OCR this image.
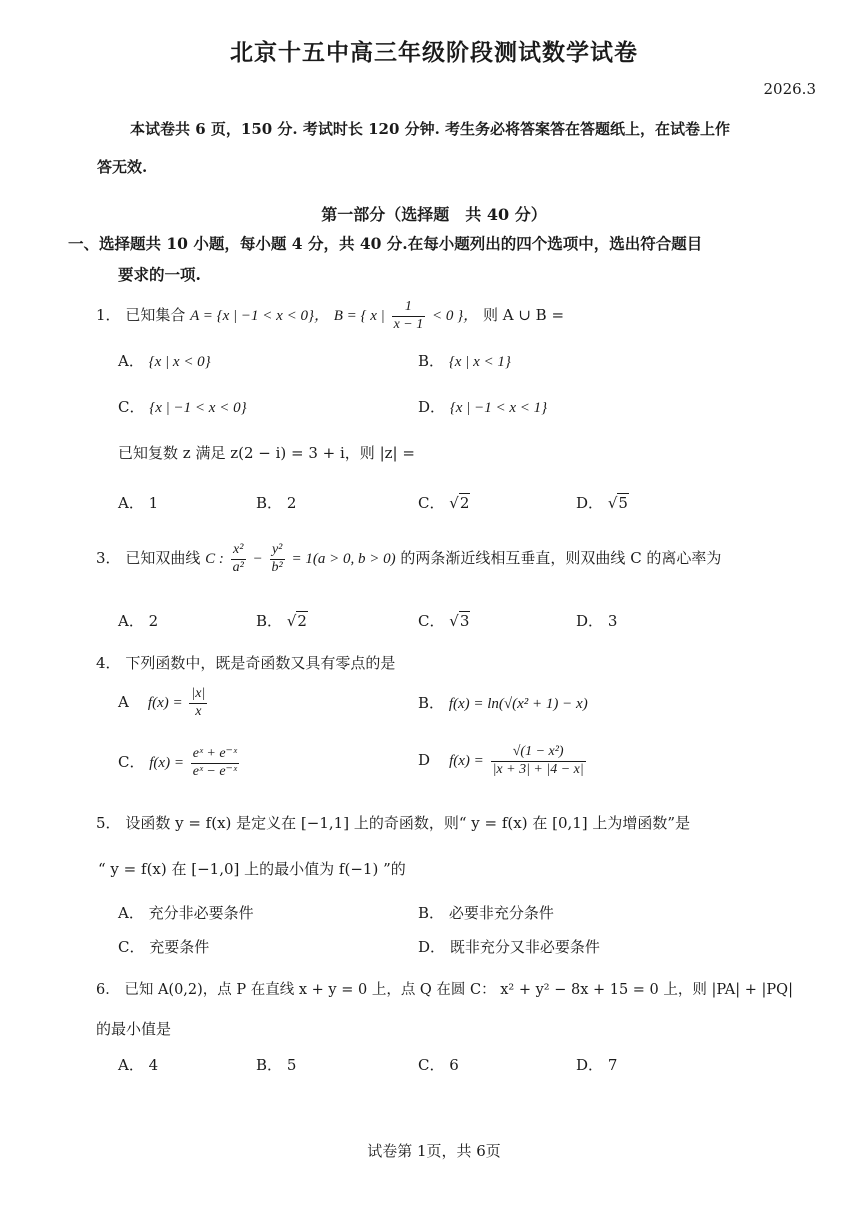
北京十五中高三年级阶段测试数学试卷
2026.3
本试卷共 6 页，150 分. 考试时长 120 分钟. 考生务必将答案答在答题纸上，在试卷上作
答无效.
第一部分（选择题　共 40 分）
一、选择题共 10 小题，每小题 4 分，共 40 分.在每小题列出的四个选项中，选出符合题目
要求的一项.
1． 已知集合 A = {x | −1 < x < 0}， B = { x | $\frac{1}{x - 1} < 0$ }， 则 A ∪ B =
A． {x | x < 0}	B． {x | x < 1}
C． {x | −1 < x < 0}	D． {x | −1 < x < 1}
已知复数 z 满足 z(2 − i) = 3 + i，则 |z| =
A． 1	B． 2	C． √2	D． √5
3． 已知双曲线 C : $\frac{\text{x²}}{\text{a²}} - \frac{\text{y²}}{\text{b²}} = 1(a > 0$, b > 0) 的两条渐近线相互垂直，则双曲线 C 的离心率为
A． 2	B． √2	C． √3	D． 3
4． 下列函数中，既是奇函数又具有零点的是
A $f(x) = \frac{|x|}{x}$	B． f(x) = ln(√(x² + 1) − x)
C． $f(x) = \frac{\text{eˣ + e⁻ˣ}}{\text{eˣ − e⁻ˣ}}$	D $f(x) = \frac{\text{√(1 − x²)}}{|x + 3| + |4 - x|}$
5． 设函数 y = f(x) 是定义在 [−1,1] 上的奇函数，则“ y = f(x) 在 [0,1] 上为增函数”是
“ y = f(x) 在 [−1,0] 上的最小值为 f(−1) ”的
A． 充分非必要条件	B． 必要非充分条件
C． 充要条件	D． 既非充分又非必要条件
6． 已知 A(0,2)，点 P 在直线 x + y = 0 上，点 Q 在圆 C： x² + y² − 8x + 15 = 0 上，则 |PA| + |PQ|
的最小值是
A． 4	B． 5	C． 6	D． 7
试卷第 1页，共 6页
